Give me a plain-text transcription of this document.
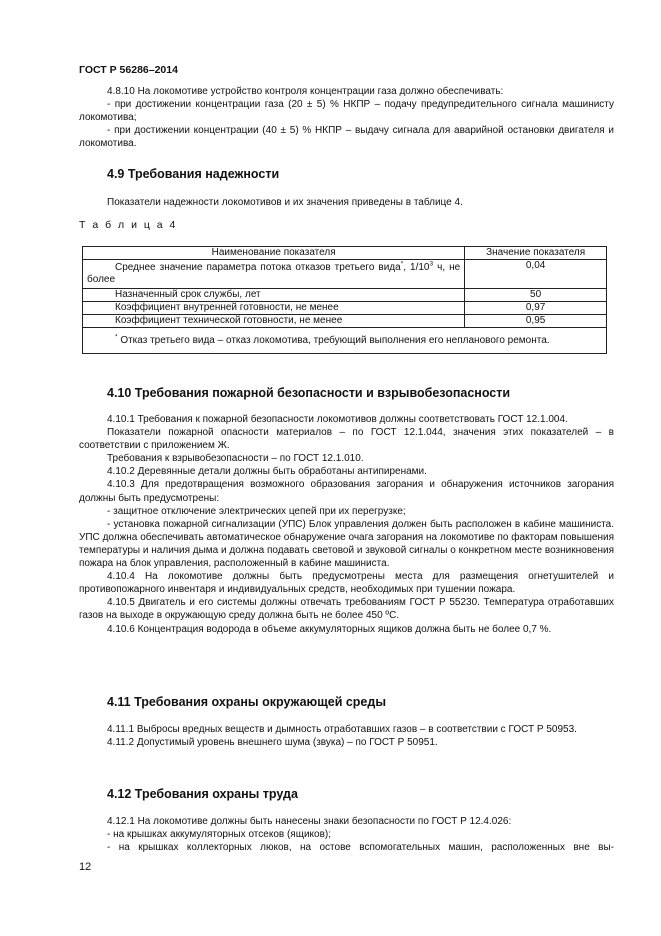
ГОСТ Р 56286–2014

4.8.10 На локомотиве устройство контроля концентрации газа должно обеспечивать:

- при достижении концентрации газа (20 ± 5) % НКПР – подачу предупредительного сигнала машинисту локомотива;

- при достижении концентрации (40 ± 5) % НКПР – выдачу сигнала для аварийной остановки двигателя и локомотива.

4.9 Требования надежности

Показатели надежности локомотивов и их значения приведены в таблице 4.

Т а б л и ц а 4

Наименование показателя	Значение показателя

Среднее значение параметра потока отказов третьего вида*, $1/10^3$ ч, не более	0,04
Назначенный срок службы, лет	50
Коэффициент внутренней готовности, не менее	0,97
Коэффициент технической готовности, не менее	0,95

* Отказ третьего вида – отказ локомотива, требующий выполнения его непланового ремонта.	

4.10 Требования пожарной безопасности и взрывобезопасности

4.10.1 Требования к пожарной безопасности локомотивов должны соответствовать ГОСТ 12.1.004.

Показатели пожарной опасности материалов – по ГОСТ 12.1.044, значения этих показателей – в соответствии с приложением Ж.

Требования к взрывобезопасности – по ГОСТ 12.1.010.

4.10.2 Деревянные детали должны быть обработаны антипиренами.

4.10.3 Для предотвращения возможного образования загорания и обнаружения источников загорания должны быть предусмотрены:

- защитное отключение электрических цепей при их перегрузке;

- установка пожарной сигнализации (УПС) Блок управления должен быть расположен в кабине машиниста. УПС должна обеспечивать автоматическое обнаружение очага загорания на локомотиве по факторам повышения температуры и наличия дыма и должна подавать световой и звуковой сигналы о конкретном месте возникновения пожара на блок управления, расположенный в кабине машиниста.

4.10.4 На локомотиве должны быть предусмотрены места для размещения огнетушителей и противопожарного инвентаря и индивидуальных средств, необходимых при тушении пожара.

4.10.5 Двигатель и его системы должны отвечать требованиям ГОСТ Р 55230. Температура отработавших газов на выходе в окружающую среду должна быть не более 450 ºС.

4.10.6 Концентрация водорода в объеме аккумуляторных ящиков должна быть не более 0,7 %.

4.11 Требования охраны окружающей среды

4.11.1 Выбросы вредных веществ и дымность отработавших газов – в соответствии с ГОСТ Р 50953.

4.11.2 Допустимый уровень внешнего шума (звука) – по ГОСТ Р 50951.

4.12 Требования охраны труда

4.12.1 На локомотиве должны быть нанесены знаки безопасности по ГОСТ Р 12.4.026:

- на крышках аккумуляторных отсеков (ящиков);

- на крышках коллекторных люков, на остове вспомогательных машин, расположенных вне вы-

12
